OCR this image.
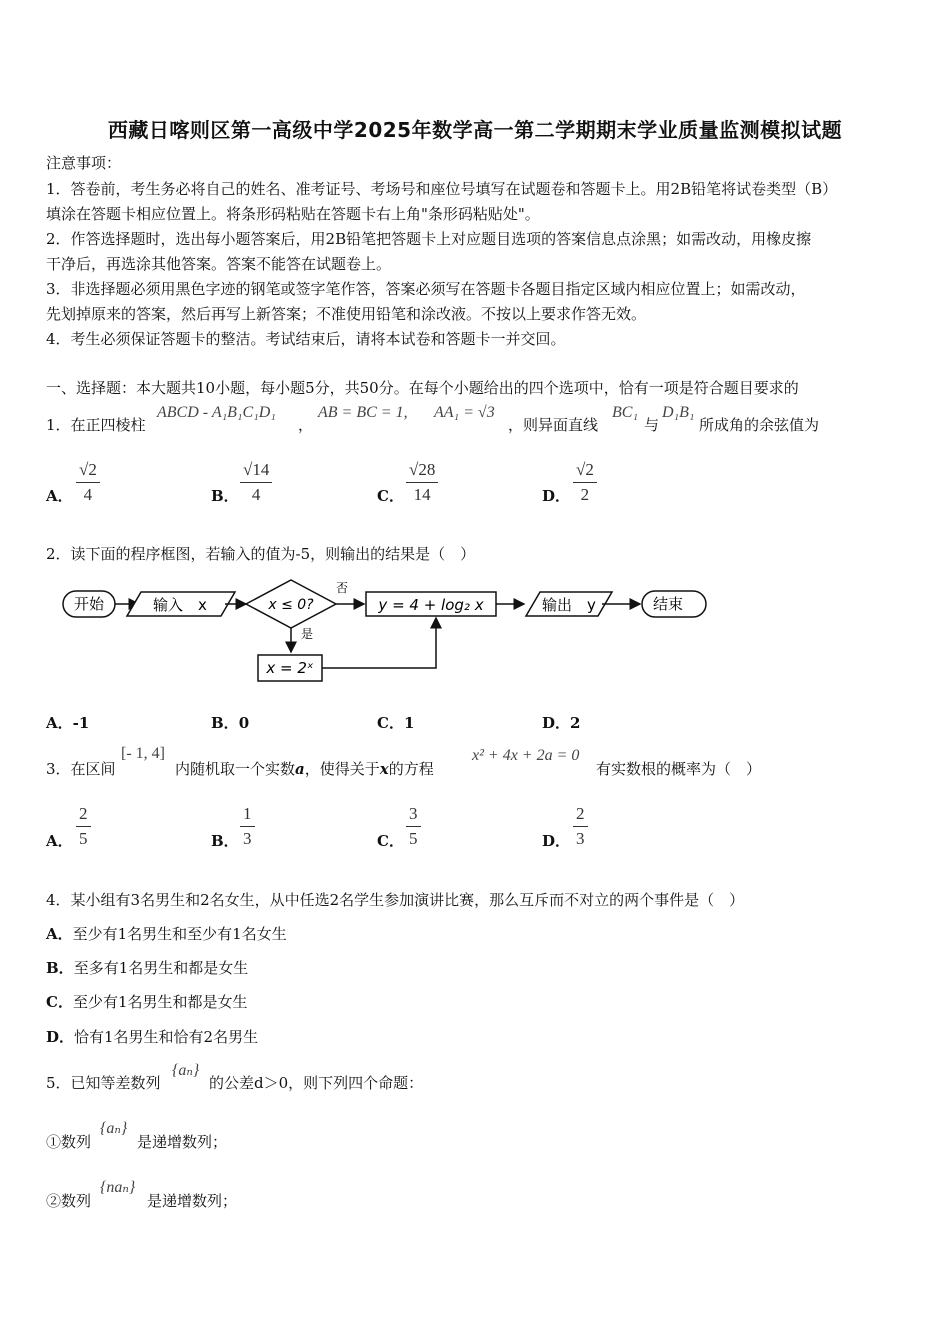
西藏日喀则区第一高级中学2025年数学高一第二学期期末学业质量监测模拟试题
注意事项：
1．答卷前，考生务必将自己的姓名、准考证号、考场号和座位号填写在试题卷和答题卡上。用2B铅笔将试卷类型（B）
填涂在答题卡相应位置上。将条形码粘贴在答题卡右上角"条形码粘贴处"。
2．作答选择题时，选出每小题答案后，用2B铅笔把答题卡上对应题目选项的答案信息点涂黑；如需改动，用橡皮擦
干净后，再选涂其他答案。答案不能答在试题卷上。
3．非选择题必须用黑色字迹的钢笔或签字笔作答，答案必须写在答题卡各题目指定区域内相应位置上；如需改动，
先划掉原来的答案，然后再写上新答案；不准使用铅笔和涂改液。不按以上要求作答无效。
4．考生必须保证答题卡的整洁。考试结束后，请将本试卷和答题卡一并交回。
一、选择题：本大题共10小题，每小题5分，共50分。在每个小题给出的四个选项中，恰有一项是符合题目要求的
1．在正四棱柱
ABCD - A₁B₁C₁D₁
，
AB = BC = 1, AA₁ = √3
，则异面直线
BC₁
与
D₁B₁
所成角的余弦值为
A． $\frac{√2}{4}$	B． $\frac{√14}{4}$	C． $\frac{√28}{14}$	D． $\frac{√2}{2}$
2．读下面的程序框图，若输入的值为-5，则输出的结果是（　）
开始	输入　x	x ≤ 0?
否
是
y = 4 + log₂ x
x = 2ˣ
输出　y	结束
A．-1	B．0	C．1	D．2
3．在区间
[- 1, 4]
内随机取一个实数a，使得关于x的方程
x² + 4x + 2a = 0
有实数根的概率为（　）
A． $\frac{2}{5}$	B． $\frac{1}{3}$	C． $\frac{3}{5}$	D． $\frac{2}{3}$
4．某小组有3名男生和2名女生，从中任选2名学生参加演讲比赛，那么互斥而不对立的两个事件是（　）
A．至少有1名男生和至少有1名女生
B．至多有1名男生和都是女生
C．至少有1名男生和都是女生
D．恰有1名男生和恰有2名男生
5．已知等差数列
{aₙ}
的公差d＞0，则下列四个命题：
①数列
{aₙ}
是递增数列；
②数列
{naₙ}
是递增数列；
